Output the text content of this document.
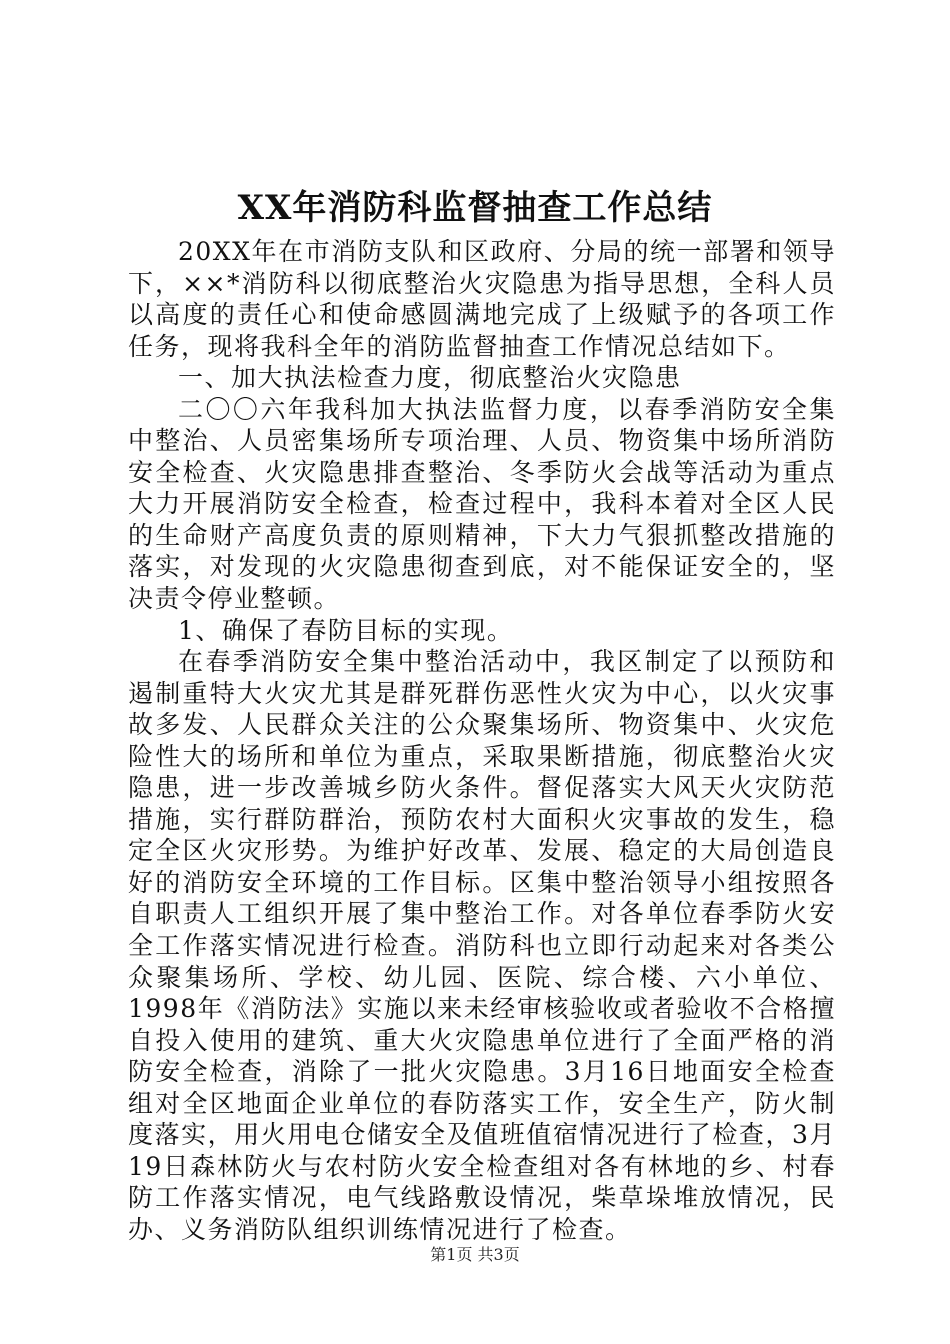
XX年消防科监督抽查工作总结

20XX年在市消防支队和区政府、分局的统一部署和领导下，××*消防科以彻底整治火灾隐患为指导思想，全科人员以高度的责任心和使命感圆满地完成了上级赋予的各项工作任务，现将我科全年的消防监督抽查工作情况总结如下。

一、加大执法检查力度，彻底整治火灾隐患

二〇〇六年我科加大执法监督力度，以春季消防安全集中整治、人员密集场所专项治理、人员、物资集中场所消防安全检查、火灾隐患排查整治、冬季防火会战等活动为重点大力开展消防安全检查，检查过程中，我科本着对全区人民的生命财产高度负责的原则精神，下大力气狠抓整改措施的落实，对发现的火灾隐患彻查到底，对不能保证安全的，坚决责令停业整顿。

1、确保了春防目标的实现。

在春季消防安全集中整治活动中，我区制定了以预防和遏制重特大火灾尤其是群死群伤恶性火灾为中心，以火灾事故多发、人民群众关注的公众聚集场所、物资集中、火灾危险性大的场所和单位为重点，采取果断措施，彻底整治火灾隐患，进一步改善城乡防火条件。督促落实大风天火灾防范措施，实行群防群治，预防农村大面积火灾事故的发生，稳定全区火灾形势。为维护好改革、发展、稳定的大局创造良好的消防安全环境的工作目标。区集中整治领导小组按照各自职责人工组织开展了集中整治工作。对各单位春季防火安全工作落实情况进行检查。消防科也立即行动起来对各类公众聚集场所、学校、幼儿园、医院、综合楼、六小单位、1998年《消防法》实施以来未经审核验收或者验收不合格擅自投入使用的建筑、重大火灾隐患单位进行了全面严格的消防安全检查，消除了一批火灾隐患。3月16日地面安全检查组对全区地面企业单位的春防落实工作，安全生产，防火制度落实，用火用电仓储安全及值班值宿情况进行了检查，3月19日森林防火与农村防火安全检查组对各有林地的乡、村春防工作落实情况，电气线路敷设情况，柴草垛堆放情况，民办、义务消防队组织训练情况进行了检查。

第1页 共3页
